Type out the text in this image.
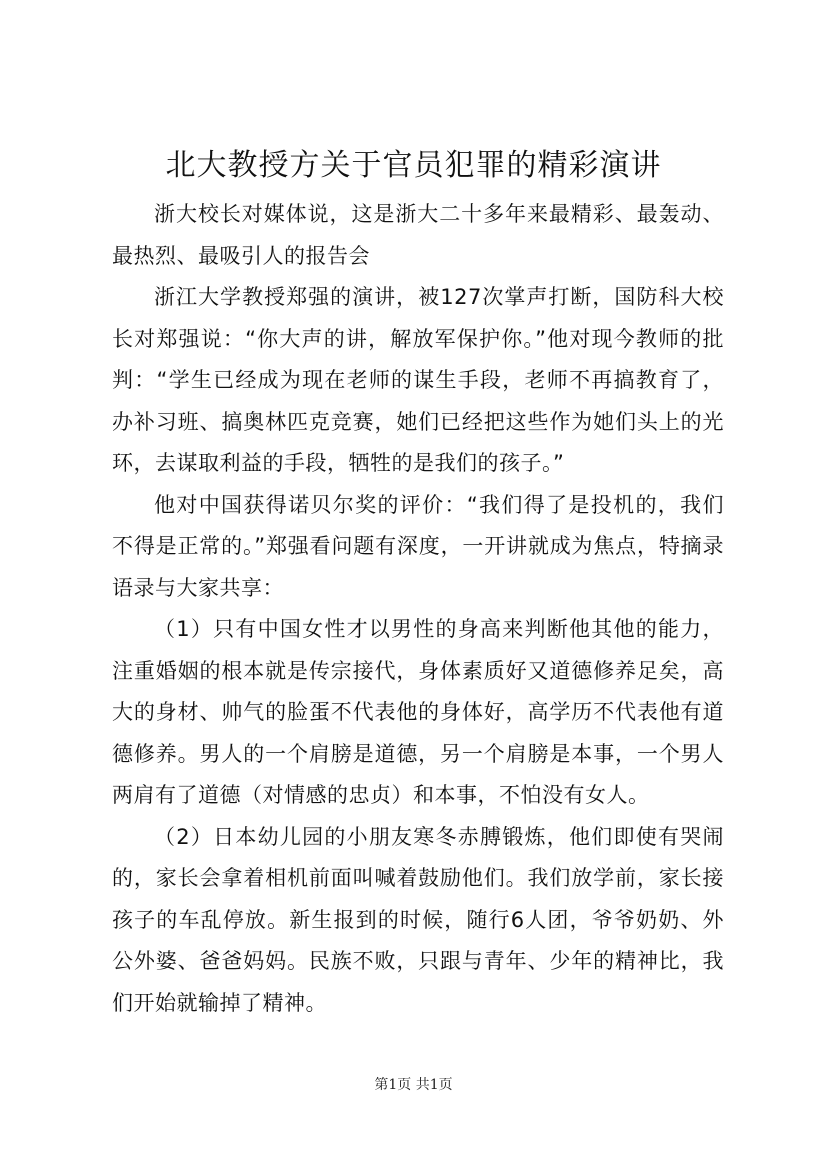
北大教授方关于官员犯罪的精彩演讲

浙大校长对媒体说，这是浙大二十多年来最精彩、最轰动、最热烈、最吸引人的报告会

浙江大学教授郑强的演讲，被127次掌声打断，国防科大校长对郑强说：“你大声的讲，解放军保护你。”他对现今教师的批判：“学生已经成为现在老师的谋生手段，老师不再搞教育了，办补习班、搞奥林匹克竞赛，她们已经把这些作为她们头上的光环，去谋取利益的手段，牺牲的是我们的孩子。”

他对中国获得诺贝尔奖的评价：“我们得了是投机的，我们不得是正常的。”郑强看问题有深度，一开讲就成为焦点，特摘录语录与大家共享：

（1）只有中国女性才以男性的身高来判断他其他的能力，注重婚姻的根本就是传宗接代，身体素质好又道德修养足矣，高大的身材、帅气的脸蛋不代表他的身体好，高学历不代表他有道德修养。男人的一个肩膀是道德，另一个肩膀是本事，一个男人两肩有了道德（对情感的忠贞）和本事，不怕没有女人。

（2）日本幼儿园的小朋友寒冬赤膊锻炼，他们即使有哭闹的，家长会拿着相机前面叫喊着鼓励他们。我们放学前，家长接孩子的车乱停放。新生报到的时候，随行6人团，爷爷奶奶、外公外婆、爸爸妈妈。民族不败，只跟与青年、少年的精神比，我们开始就输掉了精神。

第1页 共1页
